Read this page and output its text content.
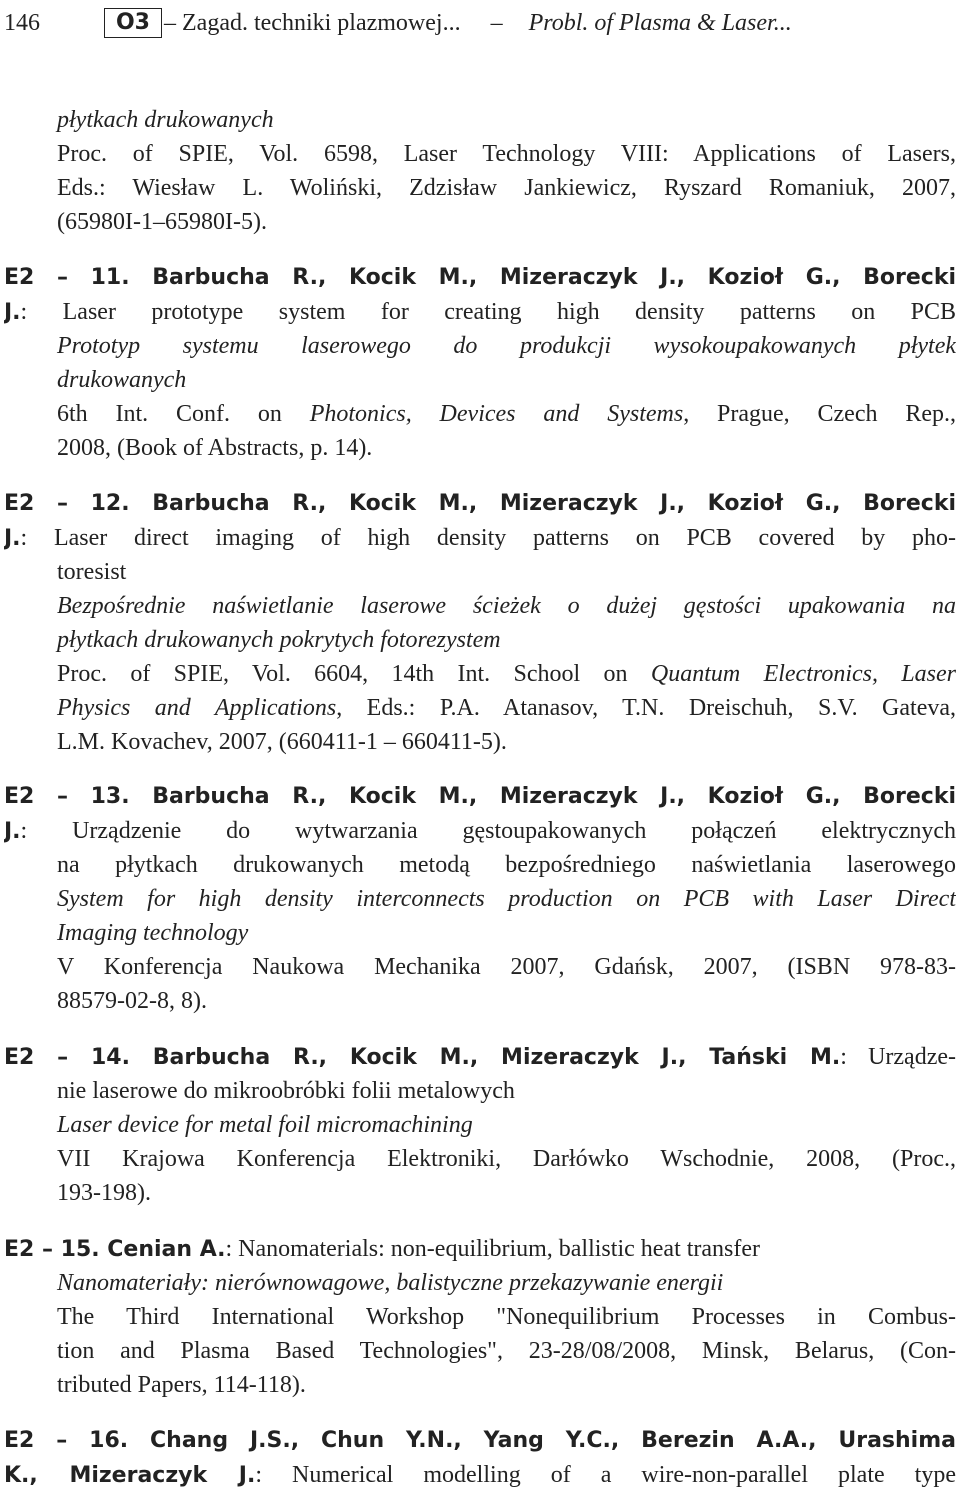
146	O3 – Zagad. techniki plazmowej... – Probl. of Plasma & Laser...
płytkach drukowanych
Proc. of SPIE, Vol. 6598, Laser Technology VIII: Applications of Lasers,
Eds.: Wiesław L. Woliński, Zdzisław Jankiewicz, Ryszard Romaniuk, 2007,
(65980I-1–65980I-5).
E2 – 11. Barbucha R., Kocik M., Mizeraczyk J., Kozioł G., Borecki
J.: Laser prototype system for creating high density patterns on PCB
Prototyp systemu laserowego do produkcji wysokoupakowanych płytek
drukowanych
6th Int. Conf. on Photonics, Devices and Systems, Prague, Czech Rep.,
2008, (Book of Abstracts, p. 14).
E2 – 12. Barbucha R., Kocik M., Mizeraczyk J., Kozioł G., Borecki
J.: Laser direct imaging of high density patterns on PCB covered by pho-
toresist
Bezpośrednie naświetlanie laserowe ścieżek o dużej gęstości upakowania na
płytkach drukowanych pokrytych fotorezystem
Proc. of SPIE, Vol. 6604, 14th Int. School on Quantum Electronics, Laser
Physics and Applications, Eds.: P.A. Atanasov, T.N. Dreischuh, S.V. Gateva,
L.M. Kovachev, 2007, (660411-1 – 660411-5).
E2 – 13. Barbucha R., Kocik M., Mizeraczyk J., Kozioł G., Borecki
J.: Urządzenie do wytwarzania gęstoupakowanych połączeń elektrycznych
na płytkach drukowanych metodą bezpośredniego naświetlania laserowego
System for high density interconnects production on PCB with Laser Direct
Imaging technology
V Konferencja Naukowa Mechanika 2007, Gdańsk, 2007, (ISBN 978-83-
88579-02-8, 8).
E2 – 14. Barbucha R., Kocik M., Mizeraczyk J., Tański M.: Urządze-
nie laserowe do mikroobróbki folii metalowych
Laser device for metal foil micromachining
VII Krajowa Konferencja Elektroniki, Darłówko Wschodnie, 2008, (Proc.,
193-198).
E2 – 15. Cenian A.: Nanomaterials: non-equilibrium, ballistic heat transfer
Nanomateriały: nierównowagowe, balistyczne przekazywanie energii
The Third International Workshop "Nonequilibrium Processes in Combus-
tion and Plasma Based Technologies", 23-28/08/2008, Minsk, Belarus, (Con-
tributed Papers, 114-118).
E2 – 16. Chang J.S., Chun Y.N., Yang Y.C., Berezin A.A., Urashima
K., Mizeraczyk J.: Numerical modelling of a wire-non-parallel plate type
